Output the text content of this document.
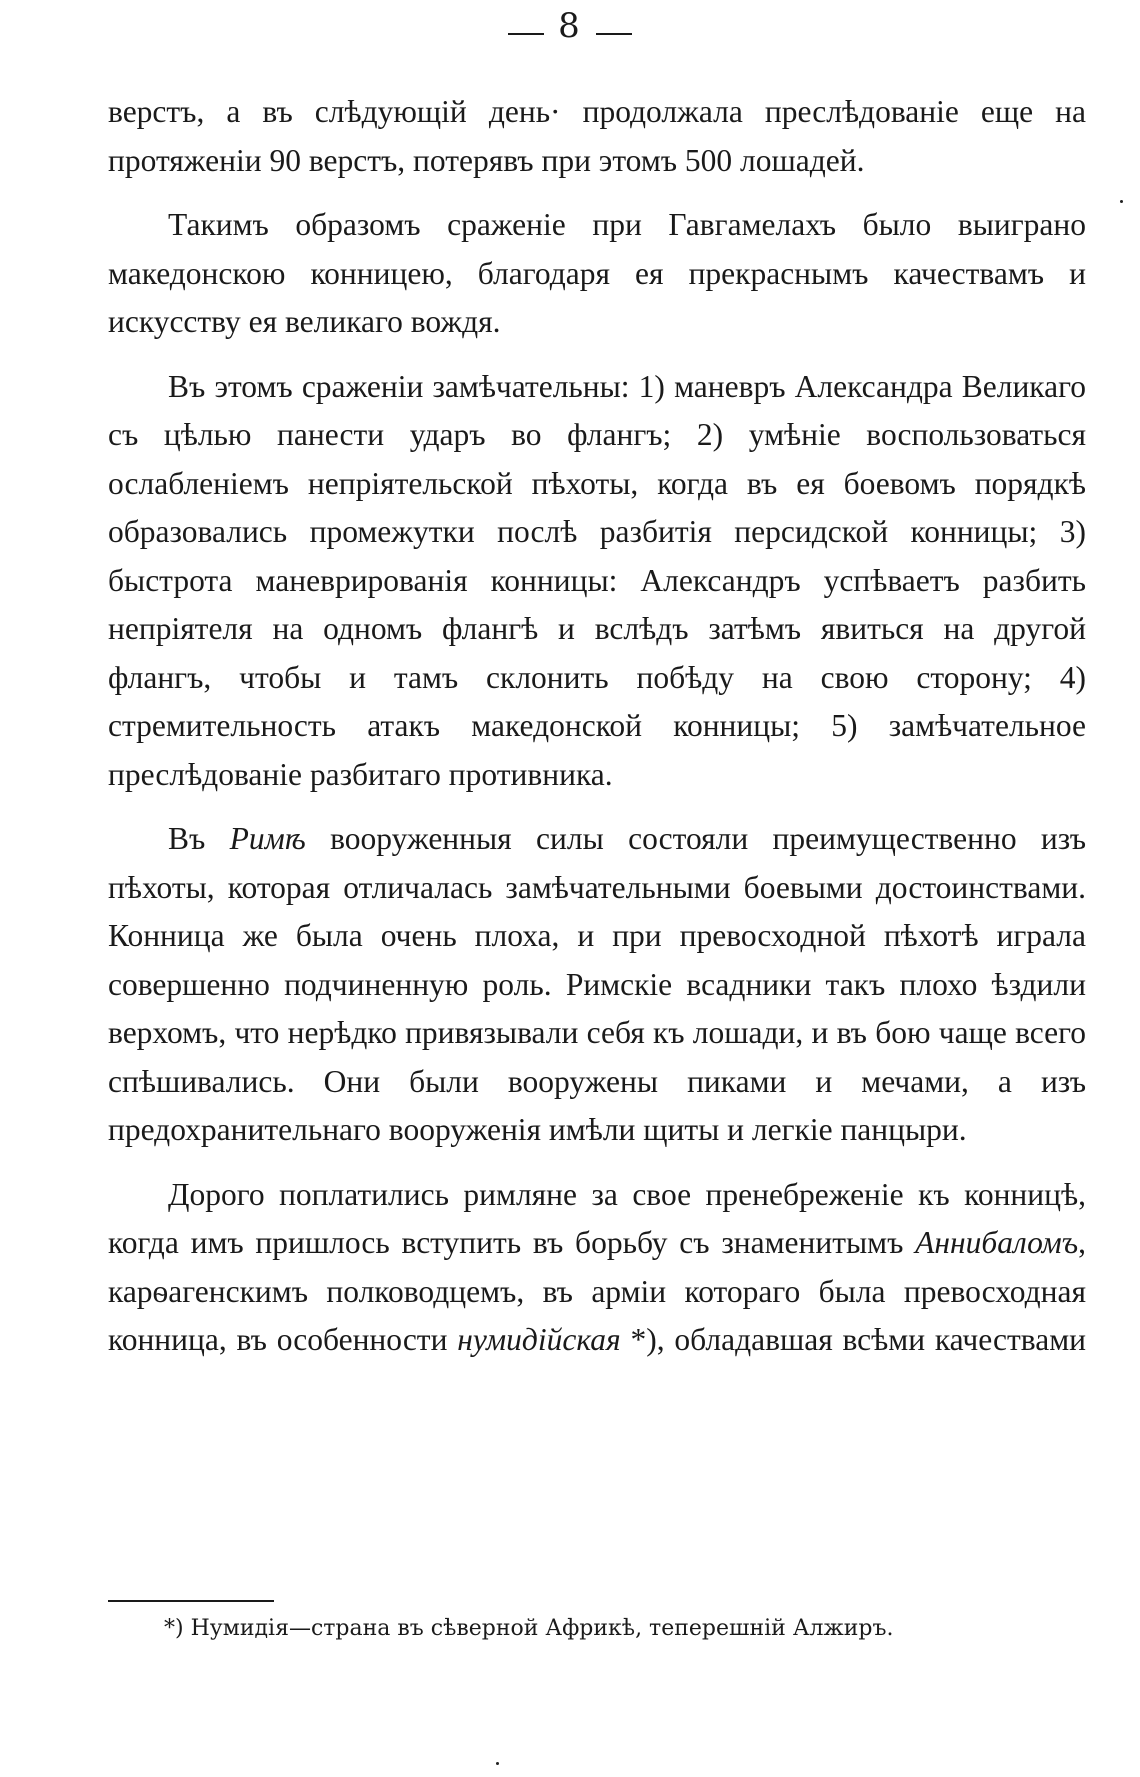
8

верстъ, а въ слѣдующій день· продолжала преслѣдованіе еще на протяженіи 90 верстъ, потерявъ при этомъ 500 лошадей.

Такимъ образомъ сраженіе при Гавгамелахъ было выиграно македонскою конницею, благодаря ея прекраснымъ качествамъ и искусству ея великаго вождя.

Въ этомъ сраженіи замѣчательны: 1) маневръ Александра Великаго съ цѣлью панести ударъ во флангъ; 2) умѣніе воспользоваться ослабленіемъ непріятельской пѣхоты, когда въ ея боевомъ порядкѣ образовались промежутки послѣ разбитія персидской конницы; 3) быстрота маневрированія конницы: Александръ успѣваетъ разбить непріятеля на одномъ флангѣ и вслѣдъ затѣмъ явиться на другой флангъ, чтобы и тамъ склонить побѣду на свою сторону; 4) стремительность атакъ македонской конницы; 5) замѣчательное преслѣдованіе разбитаго противника.

Въ Римѣ вооруженныя силы состояли преимущественно изъ пѣхоты, которая отличалась замѣчательными боевыми достоинствами. Конница же была очень плоха, и при превосходной пѣхотѣ играла совершенно подчиненную роль. Римскіе всадники такъ плохо ѣздили верхомъ, что нерѣдко привязывали себя къ лошади, и въ бою чаще всего спѣшивались. Они были вооружены пиками и мечами, а изъ предохранительнаго вооруженія имѣли щиты и легкіе панцыри.

Дорого поплатились римляне за свое пренебреженіе къ конницѣ, когда имъ пришлось вступить въ борьбу съ знаменитымъ Аннибаломъ, карѳагенскимъ полководцемъ, въ арміи котораго была превосходная конница, въ особенности нумидійская *), обладавшая всѣми качествами

*) Нумидія—страна въ сѣверной Африкѣ, теперешній Алжиръ.
